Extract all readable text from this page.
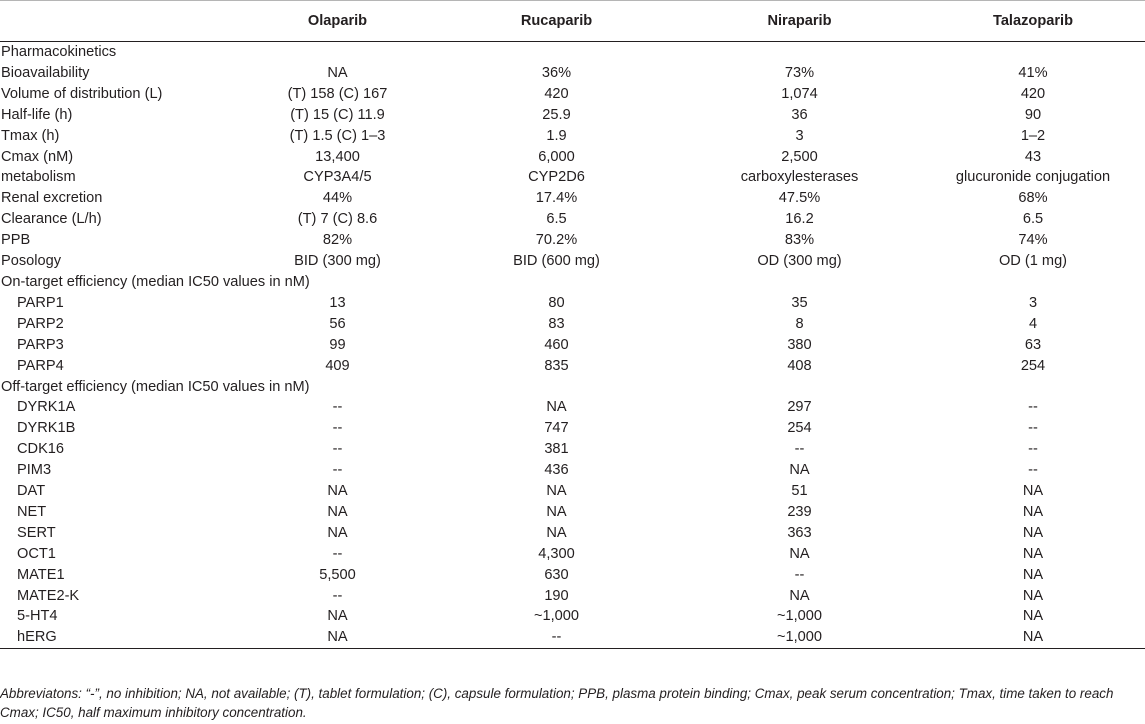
	Olaparib	Rucaparib	Niraparib	Talazoparib
Pharmacokinetics				
Bioavailability	NA	36%	73%	41%
Volume of distribution (L)	(T) 158 (C) 167	420	1,074	420
Half-life (h)	(T) 15 (C) 11.9	25.9	36	90
Tmax (h)	(T) 1.5 (C) 1–3	1.9	3	1–2
Cmax (nM)	13,400	6,000	2,500	43
metabolism	CYP3A4/5	CYP2D6	carboxylesterases	glucuronide conjugation
Renal excretion	44%	17.4%	47.5%	68%
Clearance (L/h)	(T) 7 (C) 8.6	6.5	16.2	6.5
PPB	82%	70.2%	83%	74%
Posology	BID (300 mg)	BID (600 mg)	OD (300 mg)	OD (1 mg)
On-target efficiency (median IC50 values in nM)				
PARP1	13	80	35	3
PARP2	56	83	8	4
PARP3	99	460	380	63
PARP4	409	835	408	254
Off-target efficiency (median IC50 values in nM)				
DYRK1A	--	NA	297	--
DYRK1B	--	747	254	--
CDK16	--	381	--	--
PIM3	--	436	NA	--
DAT	NA	NA	51	NA
NET	NA	NA	239	NA
SERT	NA	NA	363	NA
OCT1	--	4,300	NA	NA
MATE1	5,500	630	--	NA
MATE2-K	--	190	NA	NA
5-HT4	NA	~1,000	~1,000	NA
hERG	NA	--	~1,000	NA
Abbreviatons: “-”, no inhibition; NA, not available; (T), tablet formulation; (C), capsule formulation; PPB, plasma protein binding; Cmax, peak serum concentration; Tmax, time taken to reach Cmax; IC50, half maximum inhibitory concentration.
